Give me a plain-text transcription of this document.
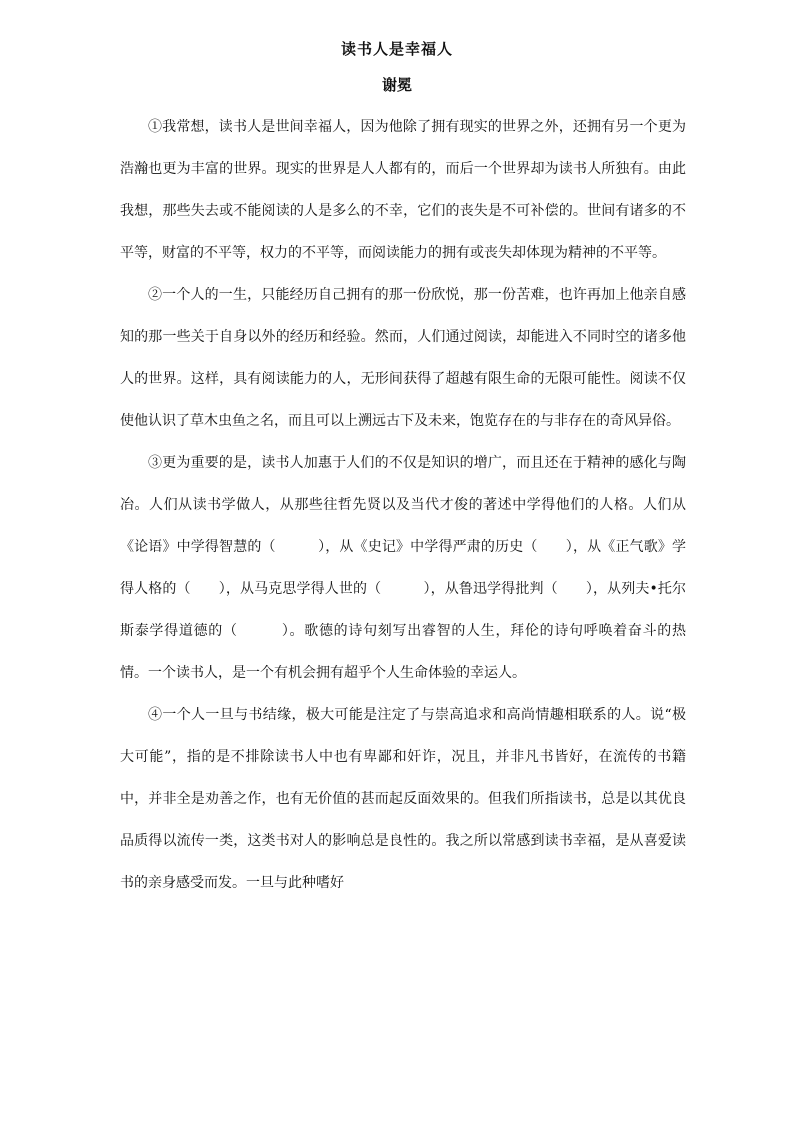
读书人是幸福人
谢冕

①我常想，读书人是世间幸福人，因为他除了拥有现实的世界之外，还拥有另一个更为浩瀚也更为丰富的世界。现实的世界是人人都有的，而后一个世界却为读书人所独有。由此我想，那些失去或不能阅读的人是多么的不幸，它们的丧失是不可补偿的。世间有诸多的不平等，财富的不平等，权力的不平等，而阅读能力的拥有或丧失却体现为精神的不平等。

②一个人的一生，只能经历自己拥有的那一份欣悦，那一份苦难，也许再加上他亲自感知的那一些关于自身以外的经历和经验。然而，人们通过阅读，却能进入不同时空的诸多他人的世界。这样，具有阅读能力的人，无形间获得了超越有限生命的无限可能性。阅读不仅使他认识了草木虫鱼之名，而且可以上溯远古下及未来，饱览存在的与非存在的奇风异俗。

③更为重要的是，读书人加惠于人们的不仅是知识的增广，而且还在于精神的感化与陶冶。人们从读书学做人，从那些往哲先贤以及当代才俊的著述中学得他们的人格。人们从《论语》中学得智慧的（　　　），从《史记》中学得严肃的历史（　　），从《正气歌》学得人格的（　　），从马克思学得人世的（　　　），从鲁迅学得批判（　　），从列夫•托尔斯泰学得道德的（　　　）。歌德的诗句刻写出睿智的人生，拜伦的诗句呼唤着奋斗的热情。一个读书人，是一个有机会拥有超乎个人生命体验的幸运人。

④一个人一旦与书结缘，极大可能是注定了与崇高追求和高尚情趣相联系的人。说“极大可能”，指的是不排除读书人中也有卑鄙和奸诈，况且，并非凡书皆好，在流传的书籍中，并非全是劝善之作，也有无价值的甚而起反面效果的。但我们所指读书，总是以其优良品质得以流传一类，这类书对人的影响总是良性的。我之所以常感到读书幸福，是从喜爱读书的亲身感受而发。一旦与此种嗜好
